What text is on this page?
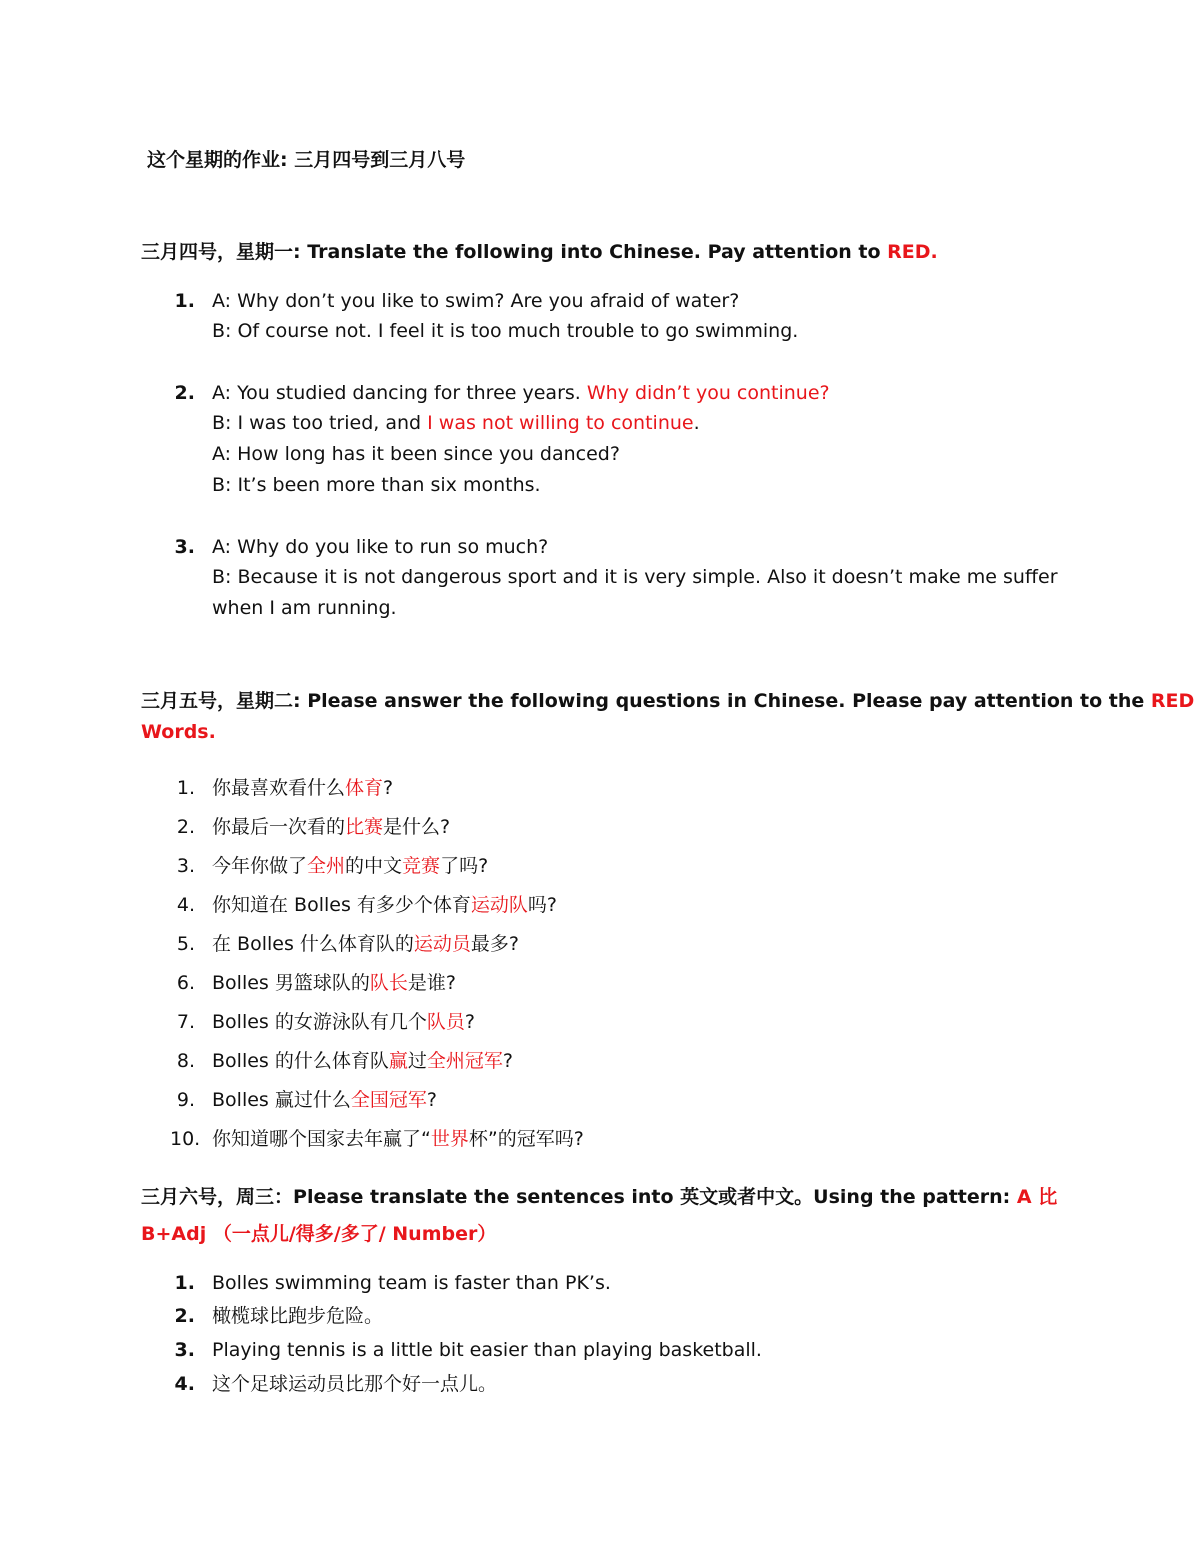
这个星期的作业: 三月四号到三月八号
三月四号，星期一: Translate the following into Chinese. Pay attention to RED.
1. A: Why don’t you like to swim? Are you afraid of water?
B: Of course not. I feel it is too much trouble to go swimming.
2. A: You studied dancing for three years. Why didn’t you continue?
B: I was too tried, and I was not willing to continue.
A: How long has it been since you danced?
B: It’s been more than six months.
3. A: Why do you like to run so much?
B: Because it is not dangerous sport and it is very simple. Also it doesn’t make me suffer
when I am running.
三月五号，星期二: Please answer the following questions in Chinese. Please pay attention to the RED
Words.
1. 你最喜欢看什么体育?
2. 你最后一次看的比赛是什么?
3. 今年你做了全州的中文竞赛了吗?
4. 你知道在 Bolles 有多少个体育运动队吗?
5. 在 Bolles 什么体育队的运动员最多?
6. Bolles 男篮球队的队长是谁?
7. Bolles 的女游泳队有几个队员?
8. Bolles 的什么体育队赢过全州冠军?
9. Bolles 赢过什么全国冠军?
10. 你知道哪个国家去年赢了“世界杯”的冠军吗?
三月六号，周三：Please translate the sentences into 英文或者中文。Using the pattern: A 比
B+Adj （一点儿/得多/多了/ Number）
1. Bolles swimming team is faster than PK’s.
2. 橄榄球比跑步危险。
3. Playing tennis is a little bit easier than playing basketball.
4. 这个足球运动员比那个好一点儿。
